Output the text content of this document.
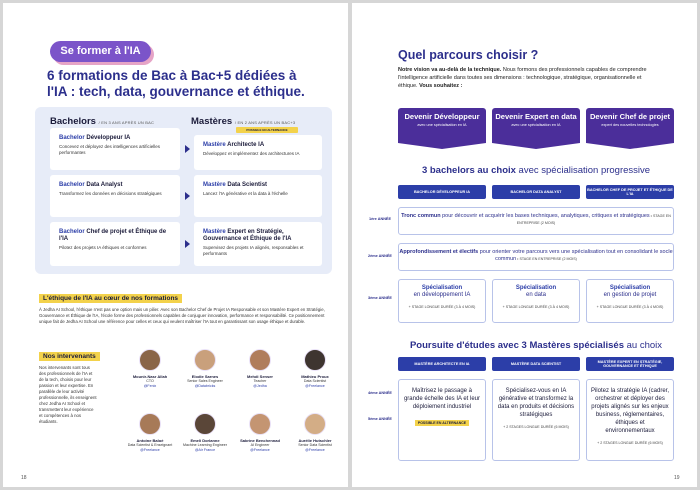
Se former à l'IA
6 formations de Bac à Bac+5 dédiées à l'IA : tech, data, gouvernance et éthique.
Bachelors / EN 3 ANS APRÈS UN BAC	Mastères / EN 2 ANS APRÈS UN BAC+3
POSSIBLE EN ALTERNANCE
Bachelor Développeur IA
Concevez et déployez des intelligences artificielles performantes
Bachelor Data Analyst
Transformez les données en décisions stratégiques
Bachelor Chef de projet et Éthique de l'IA
Pilotez des projets IA éthiques et conformes
Mastère Architecte IA
Développez et implémentez des architectures IA
Mastère Data Scientist
Lancez l'IA générative et la data à l'échelle
Mastère Expert en Stratégie, Gouvernance et Éthique de l'IA
Supervisez des projets IA alignés, responsables et performants
L'éthique de l'IA au cœur de nos formations
À Jedha AI School, l'éthique n'est pas une option mais un pilier. Avec son Bachelor Chef de Projet IA Responsable et son Mastère Expert en Stratégie, Gouvernance et Éthique de l'IA, l'école forme des professionnels capables de conjuguer innovation, performance et responsabilité. Ce positionnement unique fait de Jedha AI School une référence pour celles et ceux qui veulent maîtriser l'IA tout en garantissant son usage éthique et durable.
Nos intervenants
Nos intervenants sont tous des professionnels de l'IA et de la tech, choisis pour leur passion et leur expertise. En parallèle de leur activité professionnelle, ils enseignent chez Jedha AI School et transmettent leur expérience et compétences à nos étudiants.
Mounir-Nasr Allah
CTO
@Fenix
Elodie Sarnes
Senior Sales Engineer
@Databricks
Mehdi Senser
Teacher
@Jedha
Mathieu Proux
Data Scientist
@Freelance
Antoine Baloé
Data Scientist & Enseignant
@Freelance
Emeli Dorlanne
Machine Learning Engineer
@Air France
Sabrine Benchennad
AI Engineer
@Freelance
Aurélie Hutschler
Senior Data Scientist
@Freelance
18
Quel parcours choisir ?
Notre vision va au-delà de la technique. Nous formons des professionnels capables de comprendre l'intelligence artificielle dans toutes ses dimensions : technologique, stratégique, organisationnelle et éthique. Vous souhaitez :
Devenir Développeur
avec une spécialisation en IA
Devenir Expert en data
avec une spécialisation en IA
Devenir Chef de projet
expert des nouvelles technologies
3 bachelors au choix avec spécialisation progressive
BACHELOR DÉVELOPPEUR IA	BACHELOR DATA ANALYST
BACHELOR CHEF DE PROJET ET ÉTHIQUE DE L'IA
1ère ANNÉE	Tronc commun pour découvrir et acquérir les bases techniques, analytiques, critiques et stratégiques • STAGE EN ENTREPRISE (2 MOIS)
2ème ANNÉE
Approfondissement et électifs pour orienter votre parcours vers une spécialisation tout en consolidant le socle commun • STAGE EN ENTREPRISE (2 MOIS)
3ème ANNÉE
Spécialisation
en développement IA
+ STAGE LONGUE DURÉE (3 À 4 MOIS)
Spécialisation
en data
+ STAGE LONGUE DURÉE (3 À 4 MOIS)
Spécialisation
en gestion de projet
+ STAGE LONGUE DURÉE (3 À 4 MOIS)
Poursuite d'études avec 3 Mastères spécialisés au choix
MASTÈRE ARCHITECTE EN IA	MASTÈRE DATA SCIENTIST
MASTÈRE EXPERT EN STRATÉGIE, GOUVERNANCE ET ÉTHIQUE
4ème ANNÉE
5ème ANNÉE
Maîtrisez le passage à grande échelle des IA et leur déploiement industriel
POSSIBLE EN ALTERNANCE
Spécialisez-vous en IA générative et transformez la data en produits et décisions stratégiques
+ 2 STAGES LONGUE DURÉE (6 MOIS)
Pilotez la stratégie IA (cadrer, orchestrer et déployer des projets alignés sur les enjeux business, réglementaires, éthiques et environnementaux
+ 2 STAGES LONGUE DURÉE (6 MOIS)
19
